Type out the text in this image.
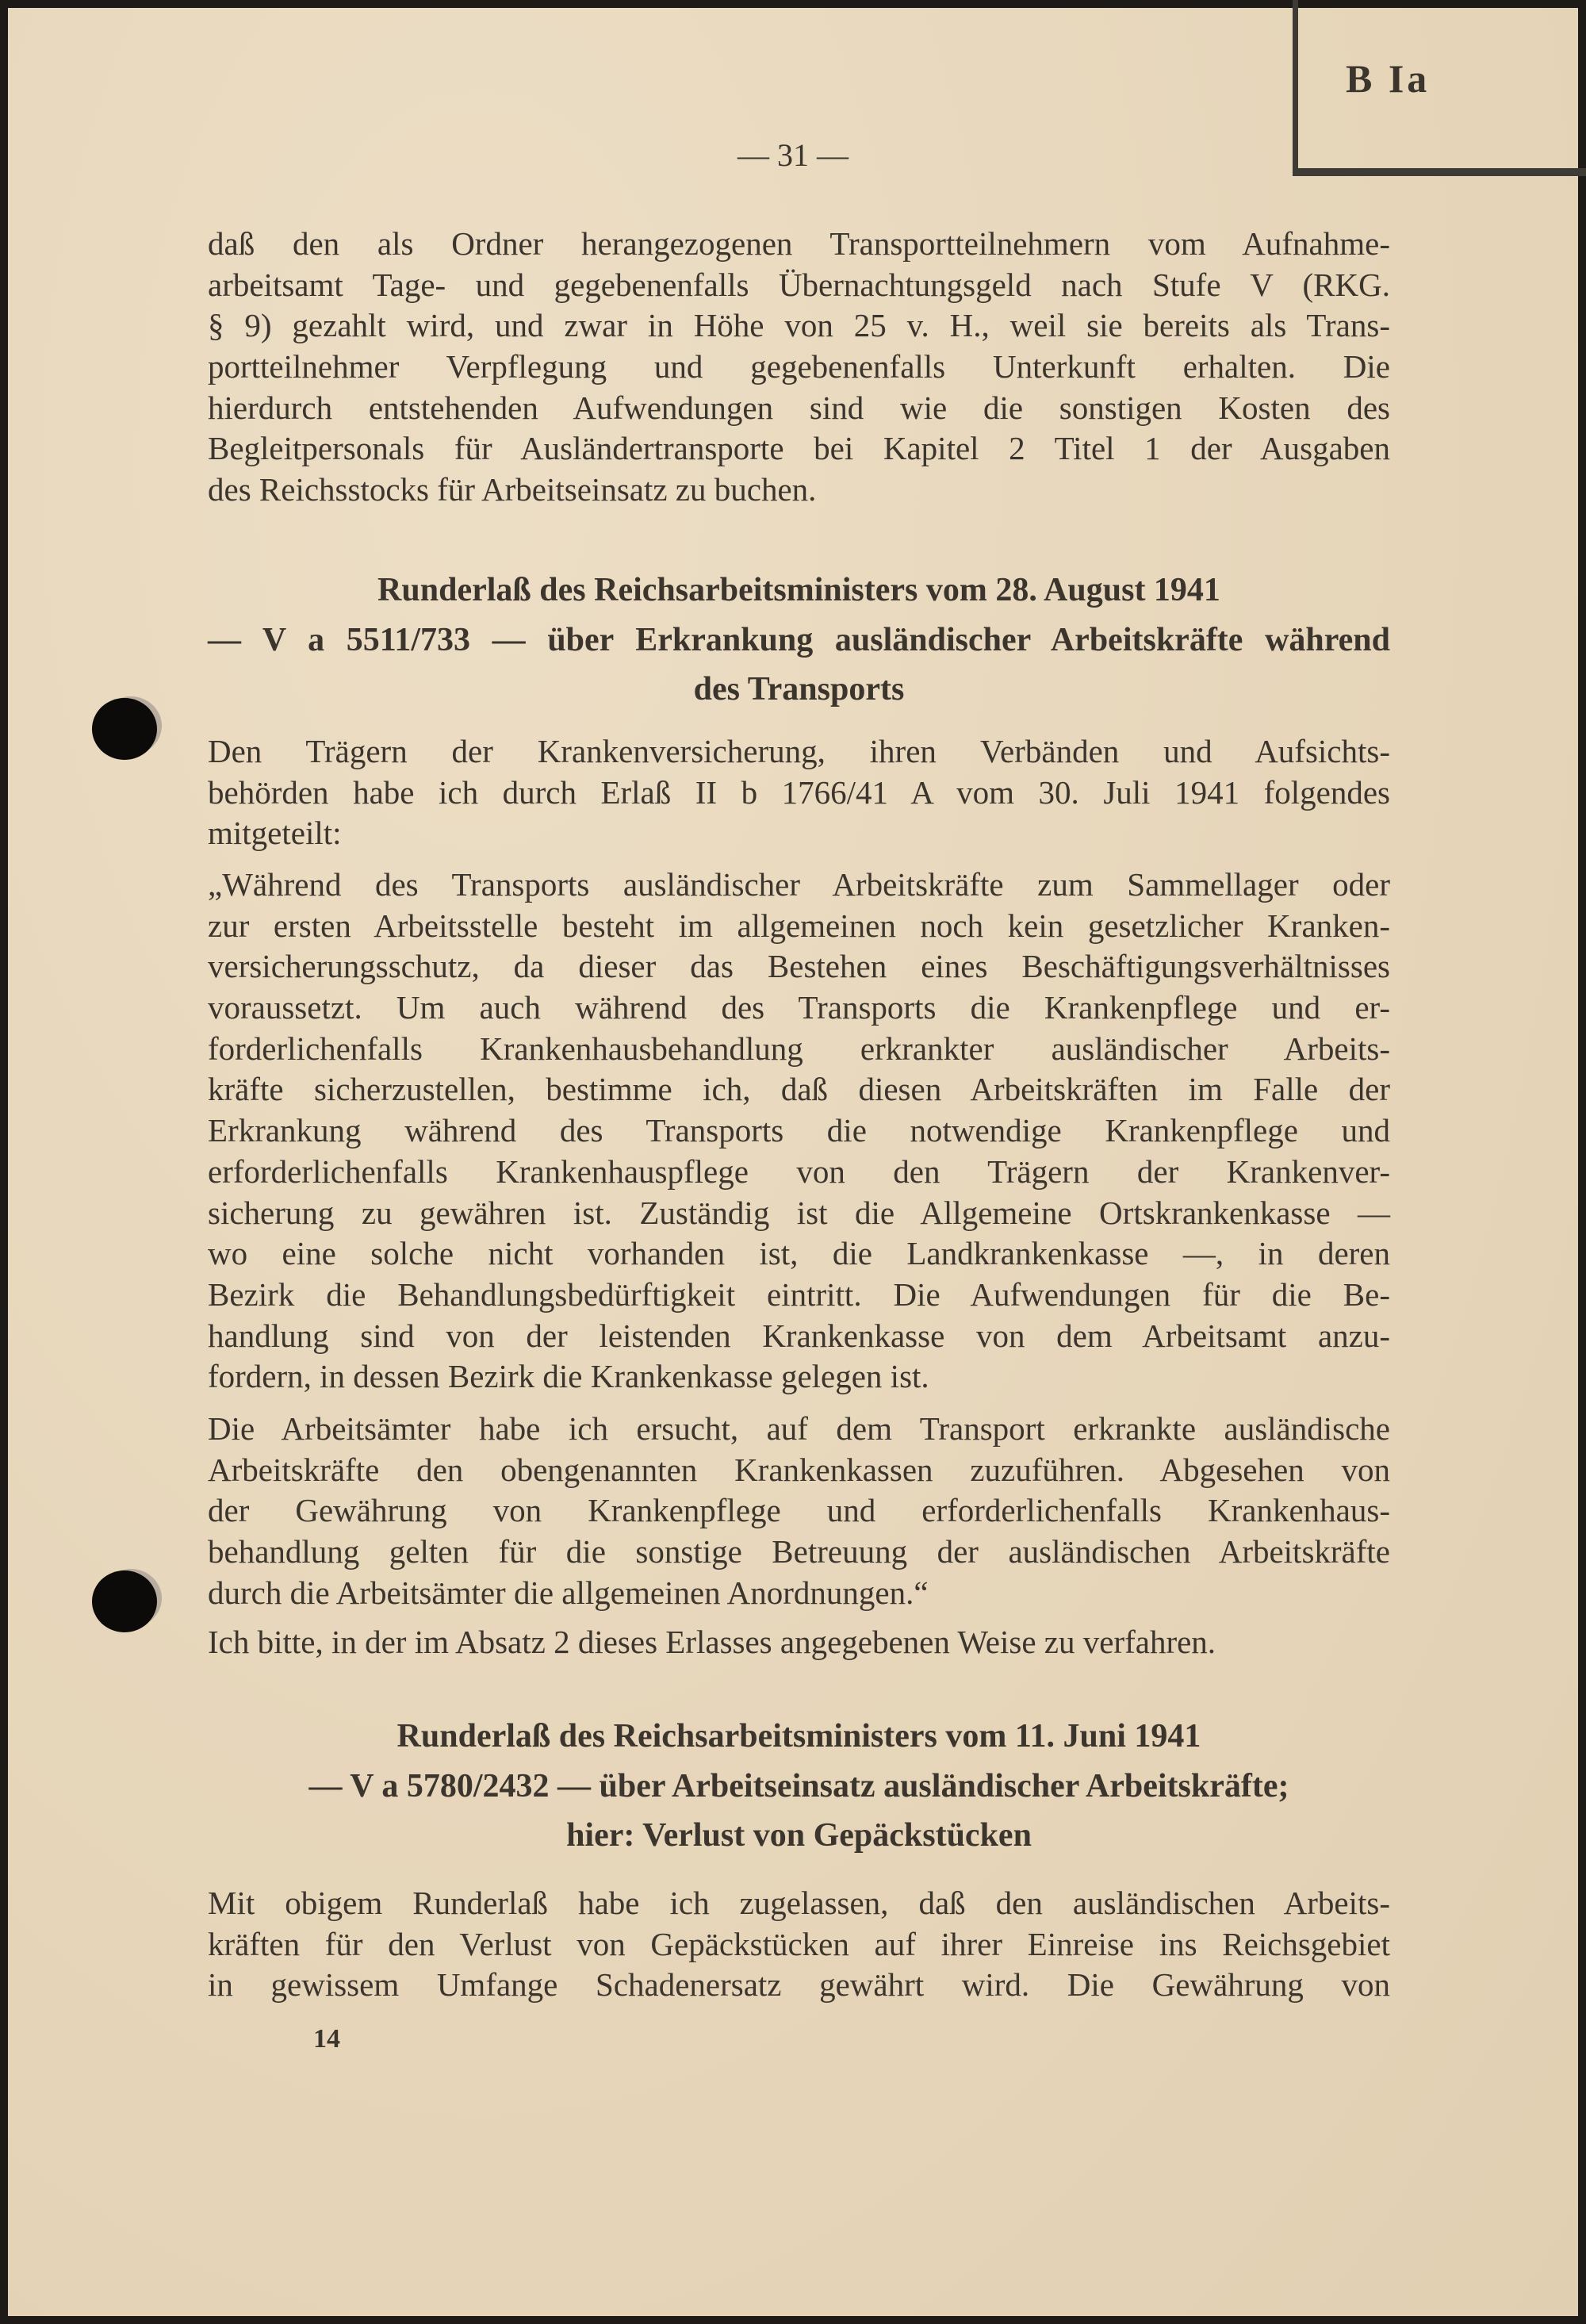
B Ia
— 31 —
daß den als Ordner herangezogenen Transportteilnehmern vom Aufnahme-
arbeitsamt Tage- und gegebenenfalls Übernachtungsgeld nach Stufe V (RKG.
§ 9) gezahlt wird, und zwar in Höhe von 25 v. H., weil sie bereits als Trans-
portteilnehmer Verpflegung und gegebenenfalls Unterkunft erhalten. Die
hierdurch entstehenden Aufwendungen sind wie die sonstigen Kosten des
Begleitpersonals für Ausländertransporte bei Kapitel 2 Titel 1 der Ausgaben
des Reichsstocks für Arbeitseinsatz zu buchen.
Runderlaß des Reichsarbeitsministers vom 28. August 1941
— V a 5511/733 — über Erkrankung ausländischer Arbeitskräfte während
des Transports
Den Trägern der Krankenversicherung, ihren Verbänden und Aufsichts-
behörden habe ich durch Erlaß II b 1766/41 A vom 30. Juli 1941 folgendes
mitgeteilt:
„Während des Transports ausländischer Arbeitskräfte zum Sammellager oder
zur ersten Arbeitsstelle besteht im allgemeinen noch kein gesetzlicher Kranken-
versicherungsschutz, da dieser das Bestehen eines Beschäftigungsverhältnisses
voraussetzt. Um auch während des Transports die Krankenpflege und er-
forderlichenfalls Krankenhausbehandlung erkrankter ausländischer Arbeits-
kräfte sicherzustellen, bestimme ich, daß diesen Arbeitskräften im Falle der
Erkrankung während des Transports die notwendige Krankenpflege und
erforderlichenfalls Krankenhauspflege von den Trägern der Krankenver-
sicherung zu gewähren ist. Zuständig ist die Allgemeine Ortskrankenkasse —
wo eine solche nicht vorhanden ist, die Landkrankenkasse —, in deren
Bezirk die Behandlungsbedürftigkeit eintritt. Die Aufwendungen für die Be-
handlung sind von der leistenden Krankenkasse von dem Arbeitsamt anzu-
fordern, in dessen Bezirk die Krankenkasse gelegen ist.
Die Arbeitsämter habe ich ersucht, auf dem Transport erkrankte ausländische
Arbeitskräfte den obengenannten Krankenkassen zuzuführen. Abgesehen von
der Gewährung von Krankenpflege und erforderlichenfalls Krankenhaus-
behandlung gelten für die sonstige Betreuung der ausländischen Arbeitskräfte
durch die Arbeitsämter die allgemeinen Anordnungen.“
Ich bitte, in der im Absatz 2 dieses Erlasses angegebenen Weise zu verfahren.
Runderlaß des Reichsarbeitsministers vom 11. Juni 1941
— V a 5780/2432 — über Arbeitseinsatz ausländischer Arbeitskräfte;
hier: Verlust von Gepäckstücken
Mit obigem Runderlaß habe ich zugelassen, daß den ausländischen Arbeits-
kräften für den Verlust von Gepäckstücken auf ihrer Einreise ins Reichsgebiet
in gewissem Umfange Schadenersatz gewährt wird. Die Gewährung von
14
